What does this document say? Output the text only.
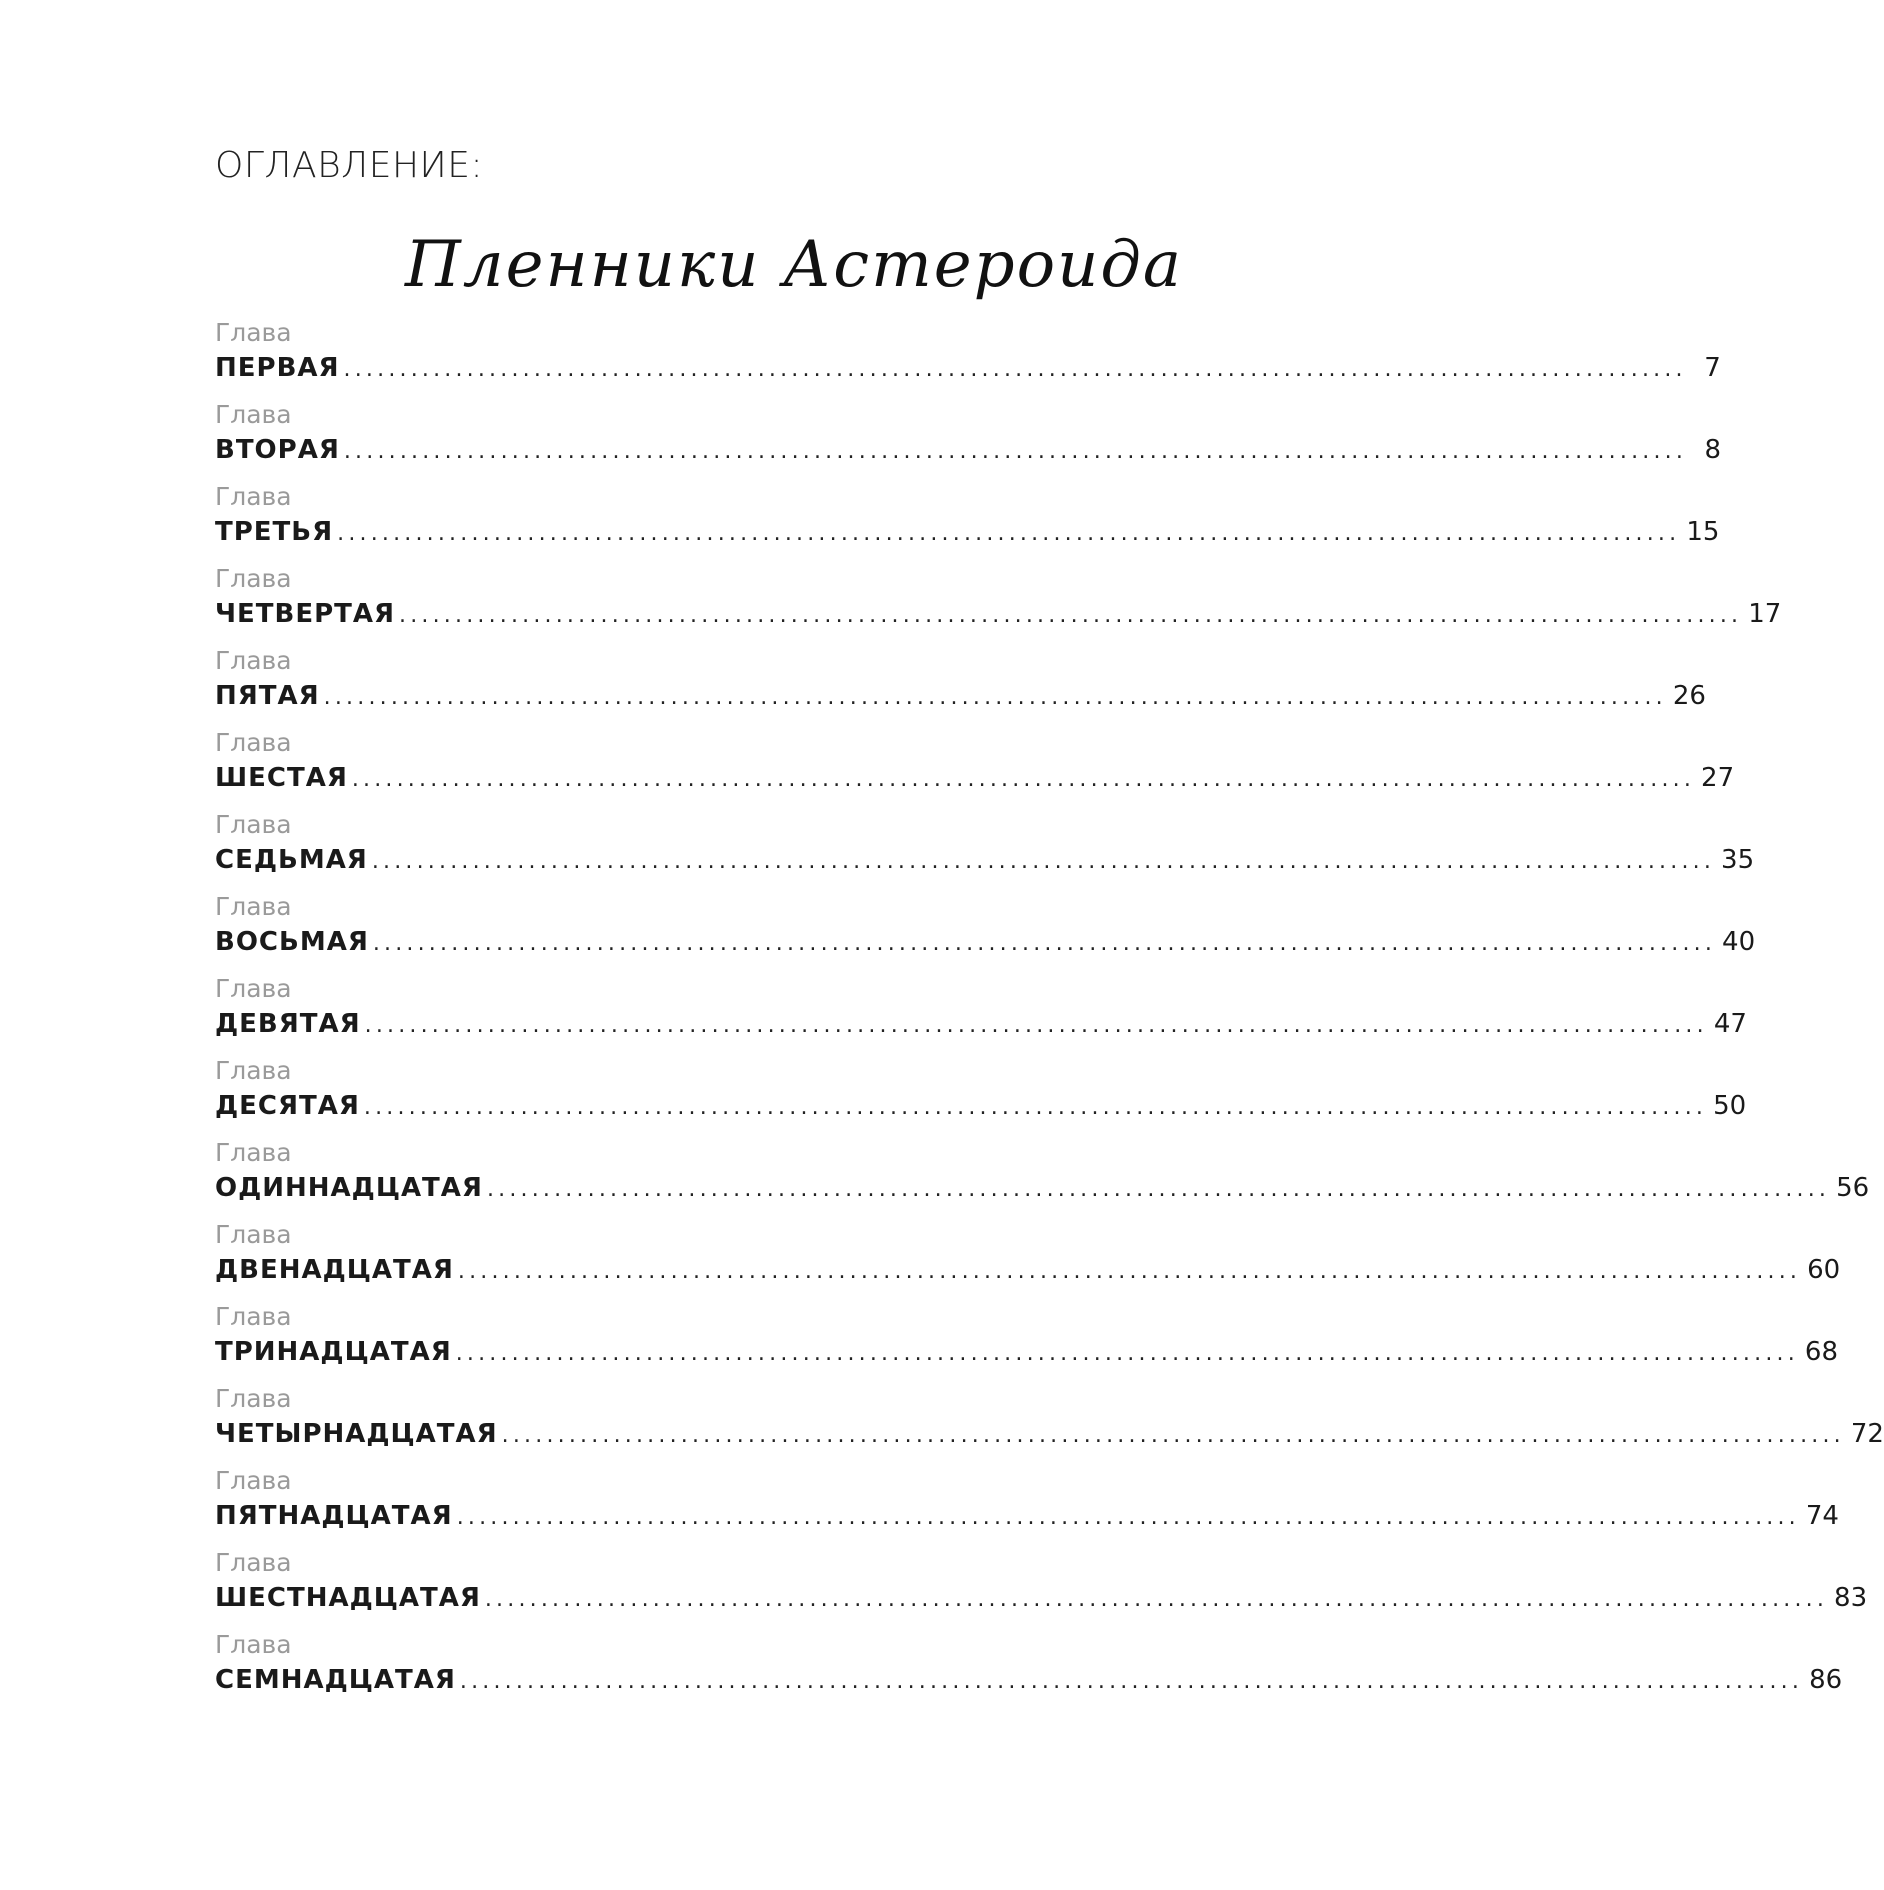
ОГЛАВЛЕНИЕ:
Пленники Астероида
Глава
ПЕРВАЯ ........................................................................................................................ 7
Глава
ВТОРАЯ ........................................................................................................................ 8
Глава
ТРЕТЬЯ ........................................................................................................................ 15
Глава
ЧЕТВЕРТАЯ ........................................................................................................................ 17
Глава
ПЯТАЯ ........................................................................................................................ 26
Глава
ШЕСТАЯ ........................................................................................................................ 27
Глава
СЕДЬМАЯ ........................................................................................................................ 35
Глава
ВОСЬМАЯ ........................................................................................................................ 40
Глава
ДЕВЯТАЯ ........................................................................................................................ 47
Глава
ДЕСЯТАЯ ........................................................................................................................ 50
Глава
ОДИННАДЦАТАЯ ........................................................................................................................ 56
Глава
ДВЕНАДЦАТАЯ ........................................................................................................................ 60
Глава
ТРИНАДЦАТАЯ ........................................................................................................................ 68
Глава
ЧЕТЫРНАДЦАТАЯ ........................................................................................................................ 72
Глава
ПЯТНАДЦАТАЯ ........................................................................................................................ 74
Глава
ШЕСТНАДЦАТАЯ ........................................................................................................................ 83
Глава
СЕМНАДЦАТАЯ ........................................................................................................................ 86
